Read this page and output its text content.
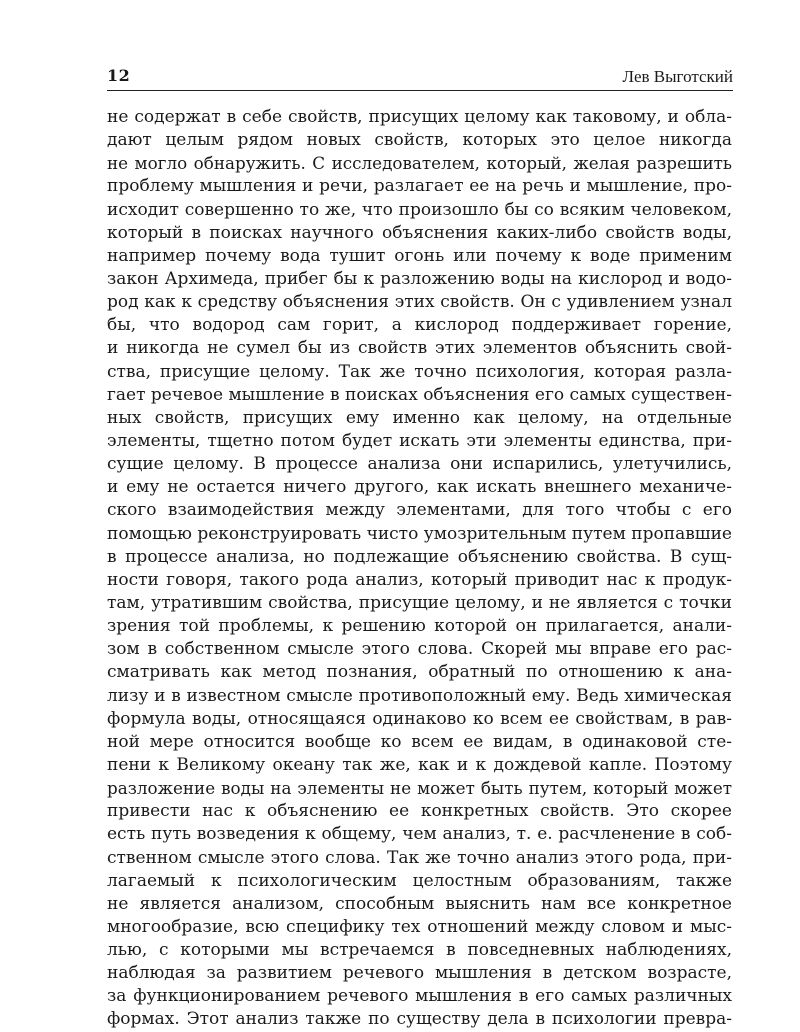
12	Лев Выготский
не содержат в себе свойств, присущих целому как таковому, и обла-
дают целым рядом новых свойств, которых это целое никогда
не могло обнаружить. С исследователем, который, желая разрешить
проблему мышления и речи, разлагает ее на речь и мышление, про-
исходит совершенно то же, что произошло бы со всяким человеком,
который в поисках научного объяснения каких-либо свойств воды,
например почему вода тушит огонь или почему к воде применим
закон Архимеда, прибег бы к разложению воды на кислород и водо-
род как к средству объяснения этих свойств. Он с удивлением узнал
бы, что водород сам горит, а кислород поддерживает горение,
и никогда не сумел бы из свойств этих элементов объяснить свой-
ства, присущие целому. Так же точно психология, которая разла-
гает речевое мышление в поисках объяснения его самых существен-
ных свойств, присущих ему именно как целому, на отдельные
элементы, тщетно потом будет искать эти элементы единства, при-
сущие целому. В процессе анализа они испарились, улетучились,
и ему не остается ничего другого, как искать внешнего механиче-
ского взаимодействия между элементами, для того чтобы с его
помощью реконструировать чисто умозрительным путем пропавшие
в процессе анализа, но подлежащие объяснению свойства. В сущ-
ности говоря, такого рода анализ, который приводит нас к продук-
там, утратившим свойства, присущие целому, и не является с точки
зрения той проблемы, к решению которой он прилагается, анали-
зом в собственном смысле этого слова. Скорей мы вправе его рас-
сматривать как метод познания, обратный по отношению к ана-
лизу и в известном смысле противоположный ему. Ведь химическая
формула воды, относящаяся одинаково ко всем ее свойствам, в рав-
ной мере относится вообще ко всем ее видам, в одинаковой сте-
пени к Великому океану так же, как и к дождевой капле. Поэтому
разложение воды на элементы не может быть путем, который может
привести нас к объяснению ее конкретных свойств. Это скорее
есть путь возведения к общему, чем анализ, т. е. расчленение в соб-
ственном смысле этого слова. Так же точно анализ этого рода, при-
лагаемый к психологическим целостным образованиям, также
не является анализом, способным выяснить нам все конкретное
многообразие, всю специфику тех отношений между словом и мыс-
лью, с которыми мы встречаемся в повседневных наблюдениях,
наблюдая за развитием речевого мышления в детском возрасте,
за функционированием речевого мышления в его самых различных
формах. Этот анализ также по существу дела в психологии превра-
